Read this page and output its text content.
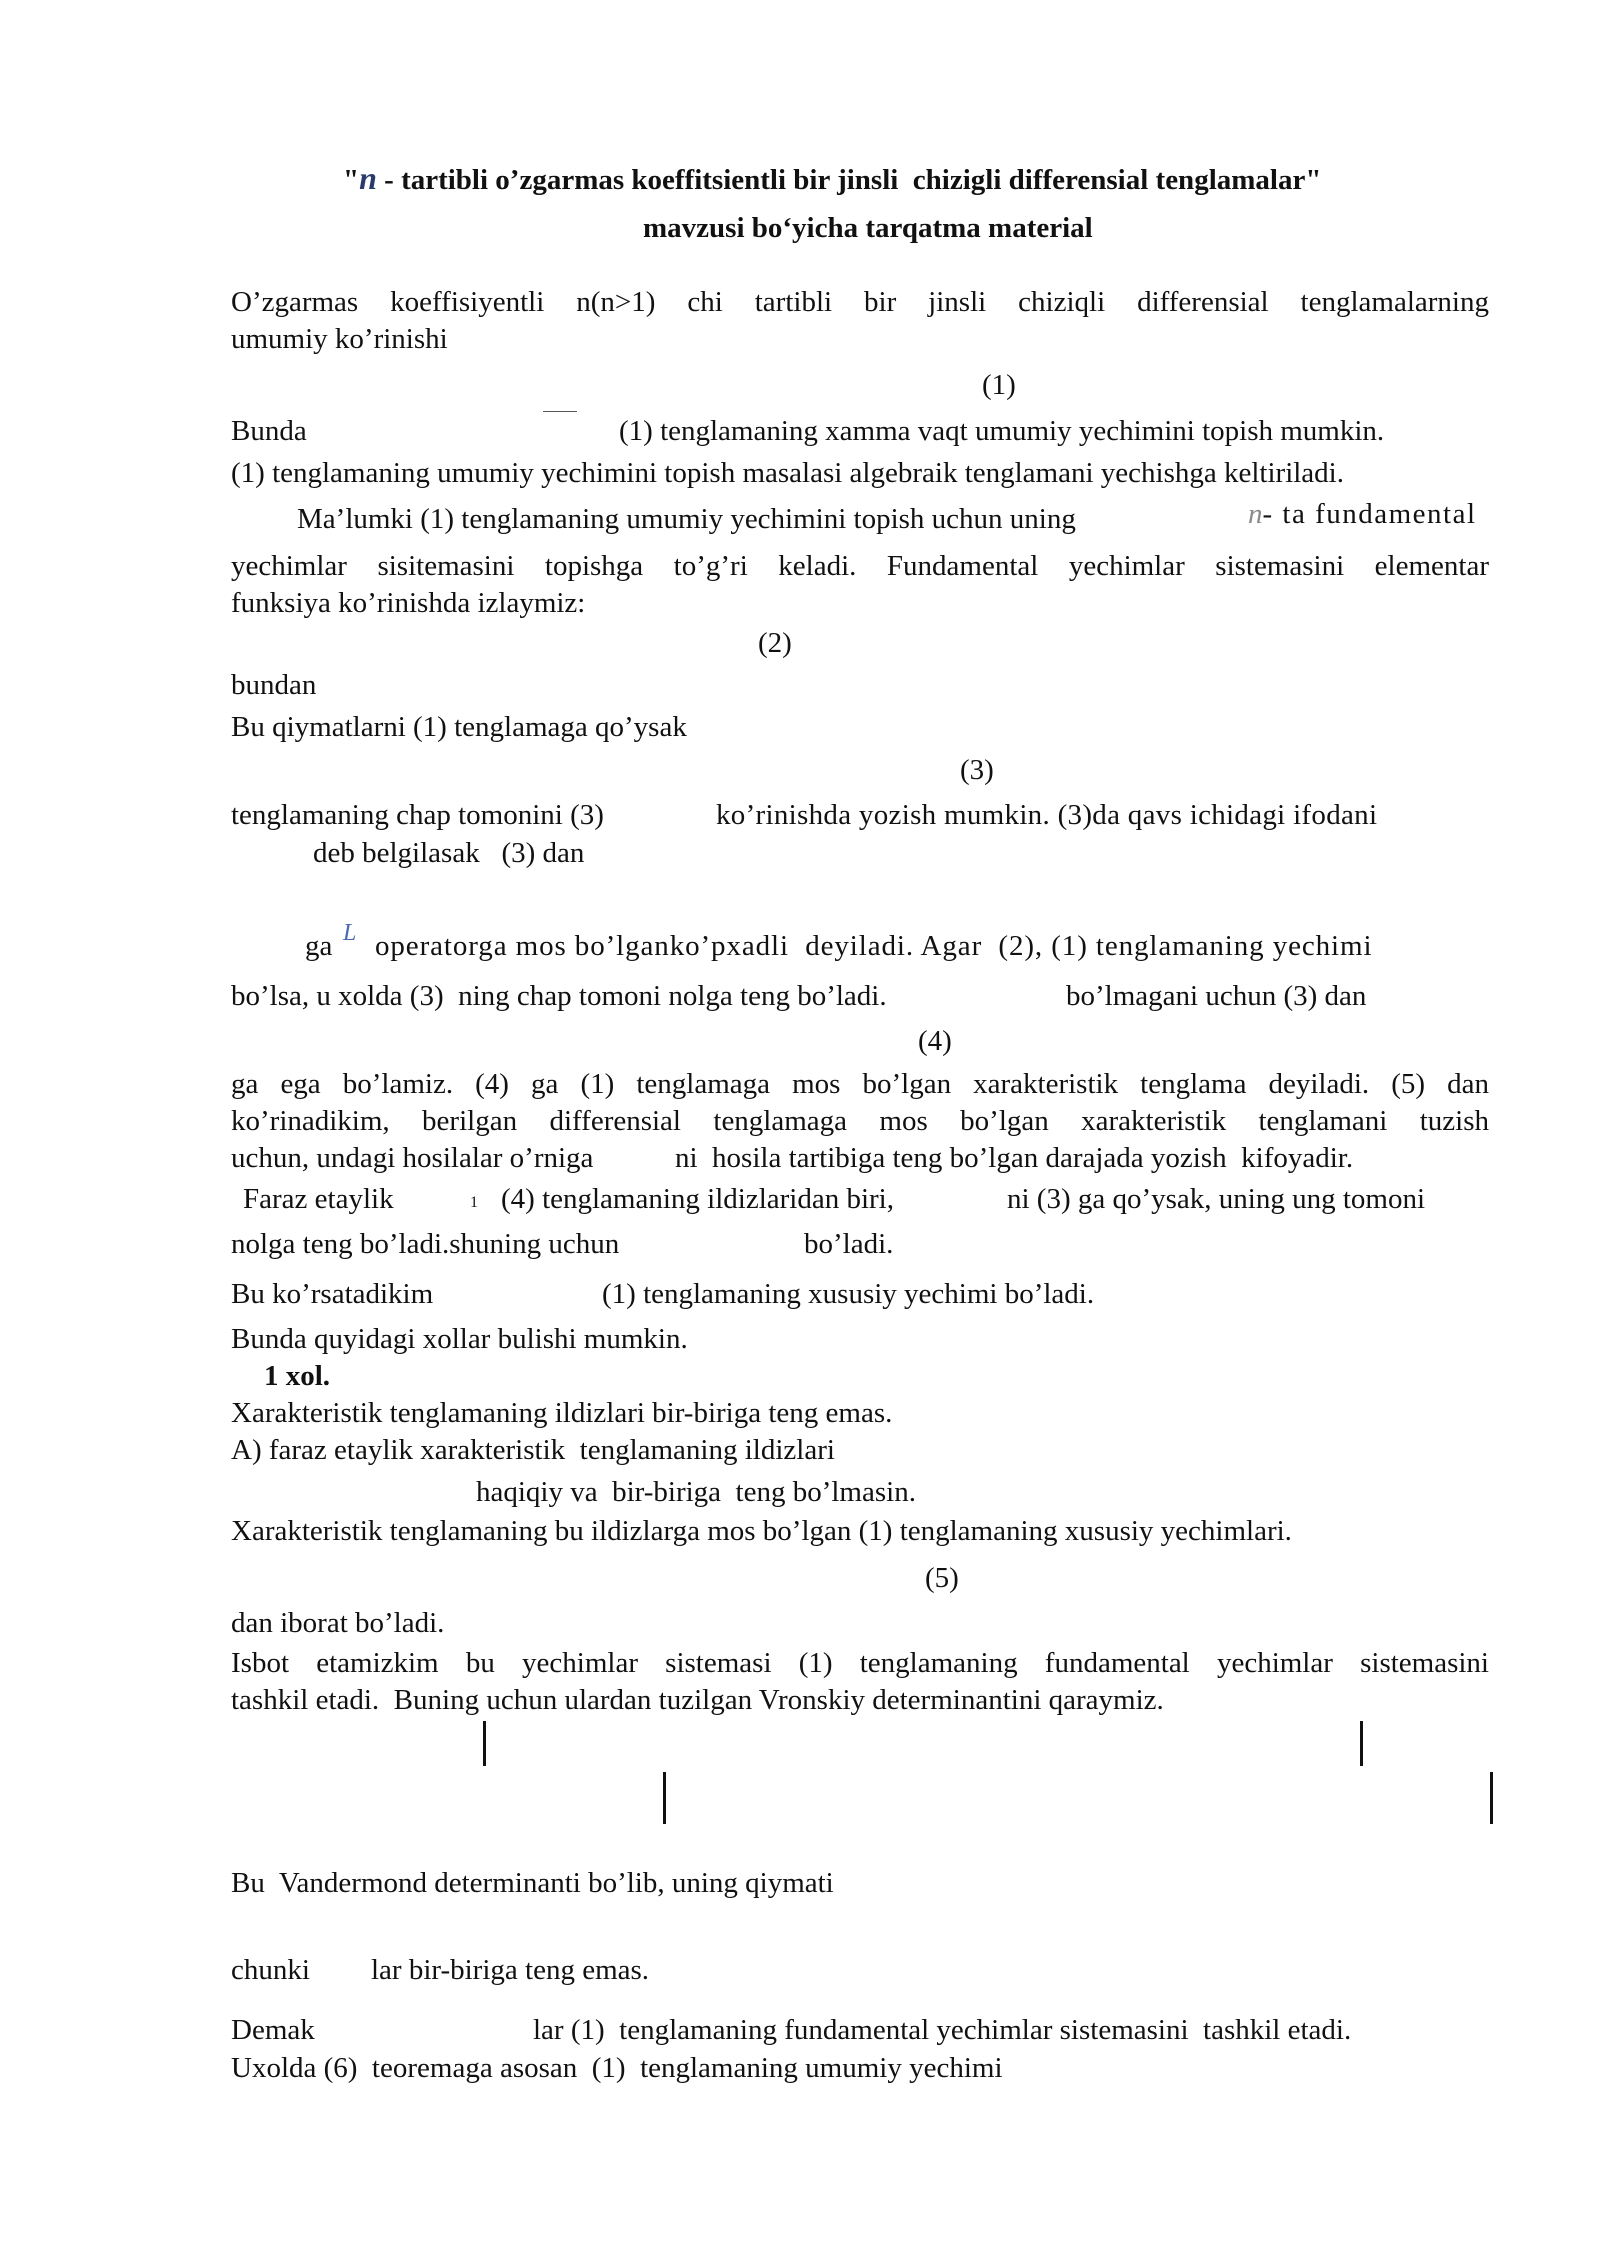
"n - tartibli o’zgarmas koeffitsientli bir jinsli  chizigli differensial tenglamalar"
mavzusi bo‘yicha tarqatma material
O’zgarmas koeffisiyentli n(n>1) chi tartibli bir jinsli chiziqli differensial tenglamalarning
umumiy ko’rinishi
(1)
Bunda	(1) tenglamaning xamma vaqt umumiy yechimini topish mumkin.
(1) tenglamaning umumiy yechimini topish masalasi algebraik tenglamani yechishga keltiriladi.
Ma’lumki (1) tenglamaning umumiy yechimini topish uchun uning	n- ta fundamental
yechimlar sisitemasini topishga to’g’ri keladi. Fundamental yechimlar sistemasini elementar
funksiya ko’rinishda izlaymiz:
(2)
bundan
Bu qiymatlarni (1) tenglamaga qo’ysak
(3)
tenglamaning chap tomonini (3)	ko’rinishda yozish mumkin. (3)da qavs ichidagi ifodani
deb belgilasak   (3) dan
ga L operatorga mos bo’lganko’pxadli  deyiladi. Agar  (2), (1) tenglamaning yechimi
bo’lsa, u xolda (3)  ning chap tomoni nolga teng bo’ladi.	bo’lmagani uchun (3) dan
(4)
ga ega bo’lamiz. (4) ga (1) tenglamaga mos bo’lgan xarakteristik tenglama deyiladi. (5) dan
ko’rinadikim, berilgan differensial tenglamaga mos bo’lgan xarakteristik tenglamani tuzish
uchun, undagi hosilalar o’rniga	ni  hosila tartibiga teng bo’lgan darajada yozish  kifoyadir.
Faraz etaylik	1 (4) tenglamaning ildizlaridan biri,	ni (3) ga qo’ysak, uning ung tomoni
nolga teng bo’ladi.shuning uchun	bo’ladi.
Bu ko’rsatadikim	(1) tenglamaning xususiy yechimi bo’ladi.
Bunda quyidagi xollar bulishi mumkin.
1 xol.
Xarakteristik tenglamaning ildizlari bir-biriga teng emas.
A) faraz etaylik xarakteristik  tenglamaning ildizlari
haqiqiy va  bir-biriga  teng bo’lmasin.
Xarakteristik tenglamaning bu ildizlarga mos bo’lgan (1) tenglamaning xususiy yechimlari.
(5)
dan iborat bo’ladi.
Isbot etamizkim bu yechimlar sistemasi (1) tenglamaning fundamental yechimlar sistemasini
tashkil etadi.  Buning uchun ulardan tuzilgan Vronskiy determinantini qaraymiz.
Bu  Vandermond determinanti bo’lib, uning qiymati
chunki lar bir-biriga teng emas.
Demak	lar (1)  tenglamaning fundamental yechimlar sistemasini  tashkil etadi.
Uxolda (6)  teoremaga asosan  (1)  tenglamaning umumiy yechimi
